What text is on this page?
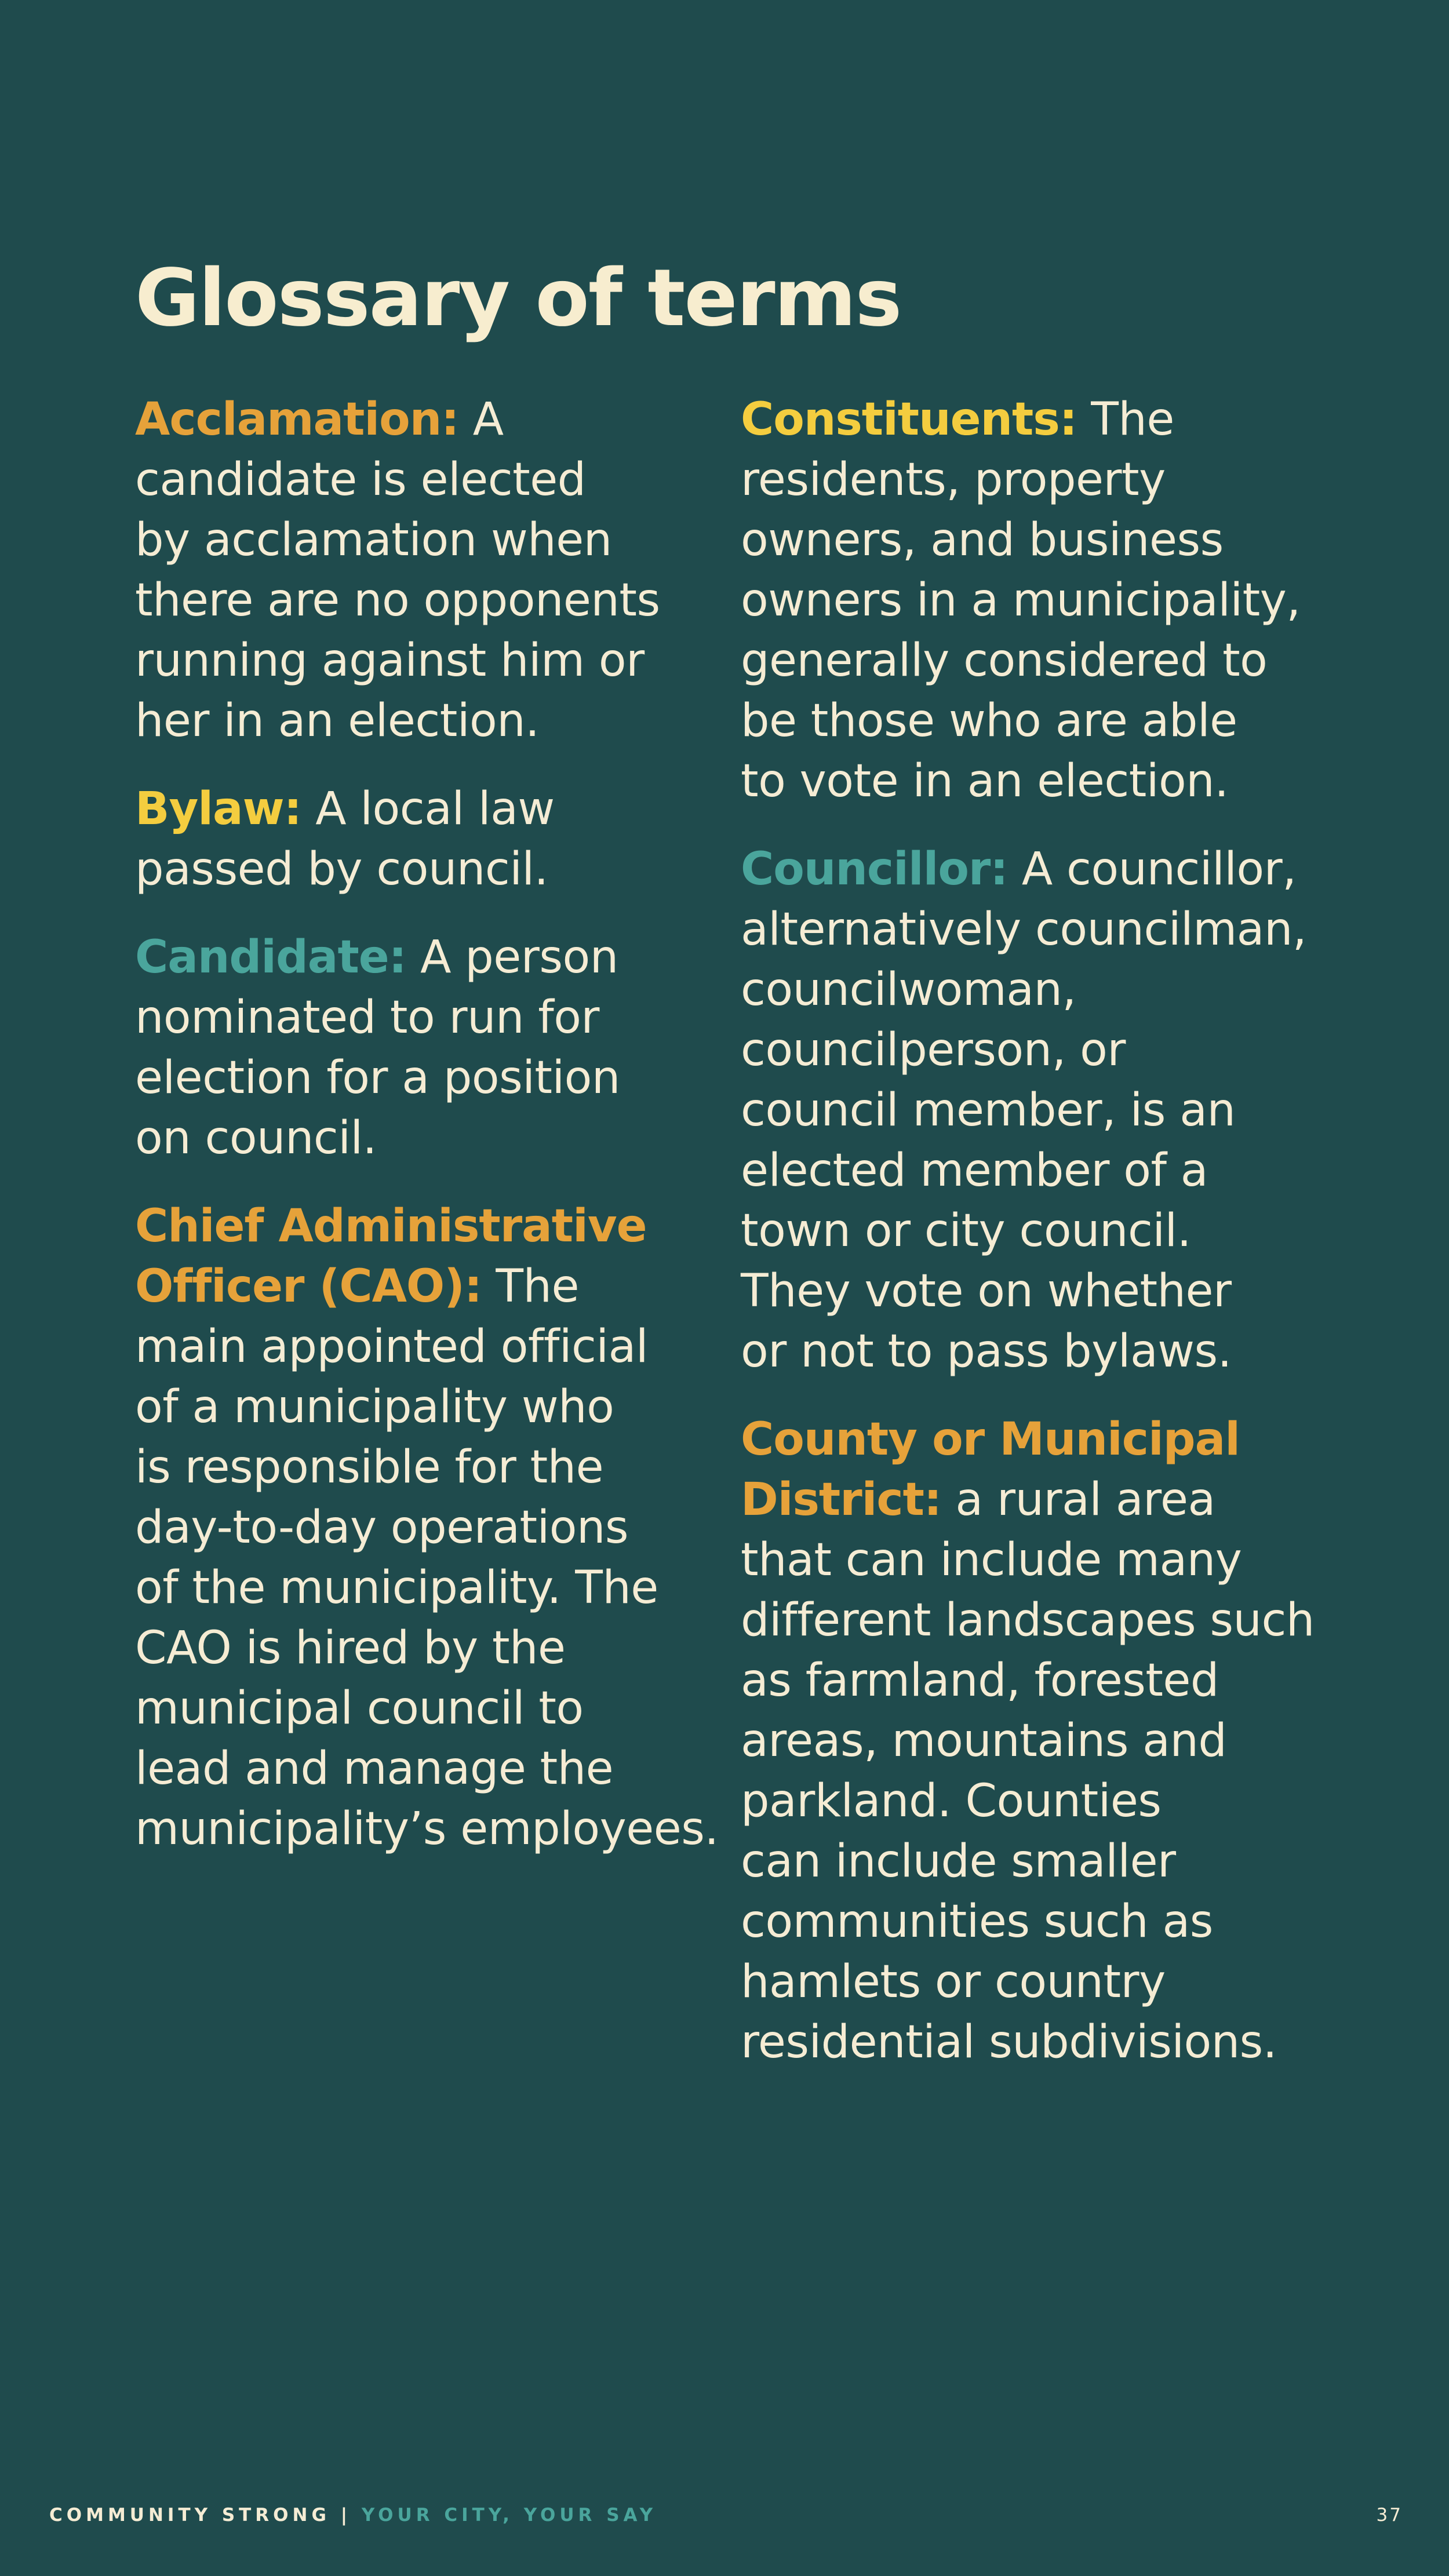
Glossary of terms

Acclamation: A
candidate is elected
by acclamation when
there are no opponents
running against him or
her in an election.

Bylaw: A local law
passed by council.

Candidate: A person
nominated to run for
election for a position
on council.

Chief Administrative
Officer (CAO): The
main appointed official
of a municipality who
is responsible for the
day-to-day operations
of the municipality. The
CAO is hired by the
municipal council to
lead and manage the
municipality’s employees.

Constituents: The
residents, property
owners, and business
owners in a municipality,
generally considered to
be those who are able
to vote in an election.

Councillor: A councillor,
alternatively councilman,
councilwoman,
councilperson, or
council member, is an
elected member of a
town or city council.
They vote on whether
or not to pass bylaws.

County or Municipal
District: a rural area
that can include many
different landscapes such
as farmland, forested
areas, mountains and
parkland. Counties
can include smaller
communities such as
hamlets or country
residential subdivisions.

COMMUNITY STRONG | YOUR CITY, YOUR SAY	37
